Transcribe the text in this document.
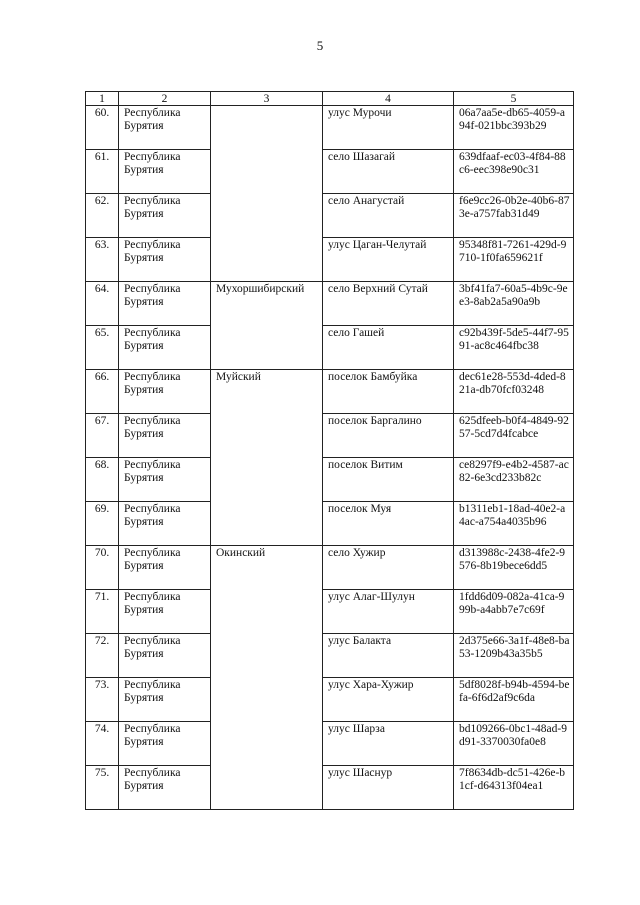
5
1	2	3	4	5
60.	Республика
Бурятия		улус Мурочи	06a7aa5e-db65-4059-a94f-021bbc393b29
61.	Республика
Бурятия		село Шазагай	639dfaaf-ec03-4f84-88c6-eec398e90c31
62.	Республика
Бурятия		село Анагустай	f6e9cc26-0b2e-40b6-873e-a757fab31d49
63.	Республика
Бурятия		улус Цаган-Челутай	95348f81-7261-429d-9710-1f0fa659621f
64.	Республика
Бурятия	Мухоршибирский	село Верхний Сутай	3bf41fa7-60a5-4b9c-9ee3-8ab2a5a90a9b
65.	Республика
Бурятия		село Гашей	c92b439f-5de5-44f7-9591-ac8c464fbc38
66.	Республика
Бурятия	Муйский	поселок Бамбуйка	dec61e28-553d-4ded-821a-db70fcf03248
67.	Республика
Бурятия		поселок Баргалино	625dfeeb-b0f4-4849-9257-5cd7d4fcabce
68.	Республика
Бурятия		поселок Витим	ce8297f9-e4b2-4587-ac82-6e3cd233b82c
69.	Республика
Бурятия		поселок Муя	b1311eb1-18ad-40e2-a4ac-a754a4035b96
70.	Республика
Бурятия	Окинский	село Хужир	d313988c-2438-4fe2-9576-8b19bece6dd5
71.	Республика
Бурятия		улус Алаг-Шулун	1fdd6d09-082a-41ca-999b-a4abb7e7c69f
72.	Республика
Бурятия		улус Балакта	2d375e66-3a1f-48e8-ba53-1209b43a35b5
73.	Республика
Бурятия		улус Хара-Хужир	5df8028f-b94b-4594-befa-6f6d2af9c6da
74.	Республика
Бурятия		улус Шарза	bd109266-0bc1-48ad-9d91-3370030fa0e8
75.	Республика
Бурятия		улус Шаснур	7f8634db-dc51-426e-b1cf-d64313f04ea1
